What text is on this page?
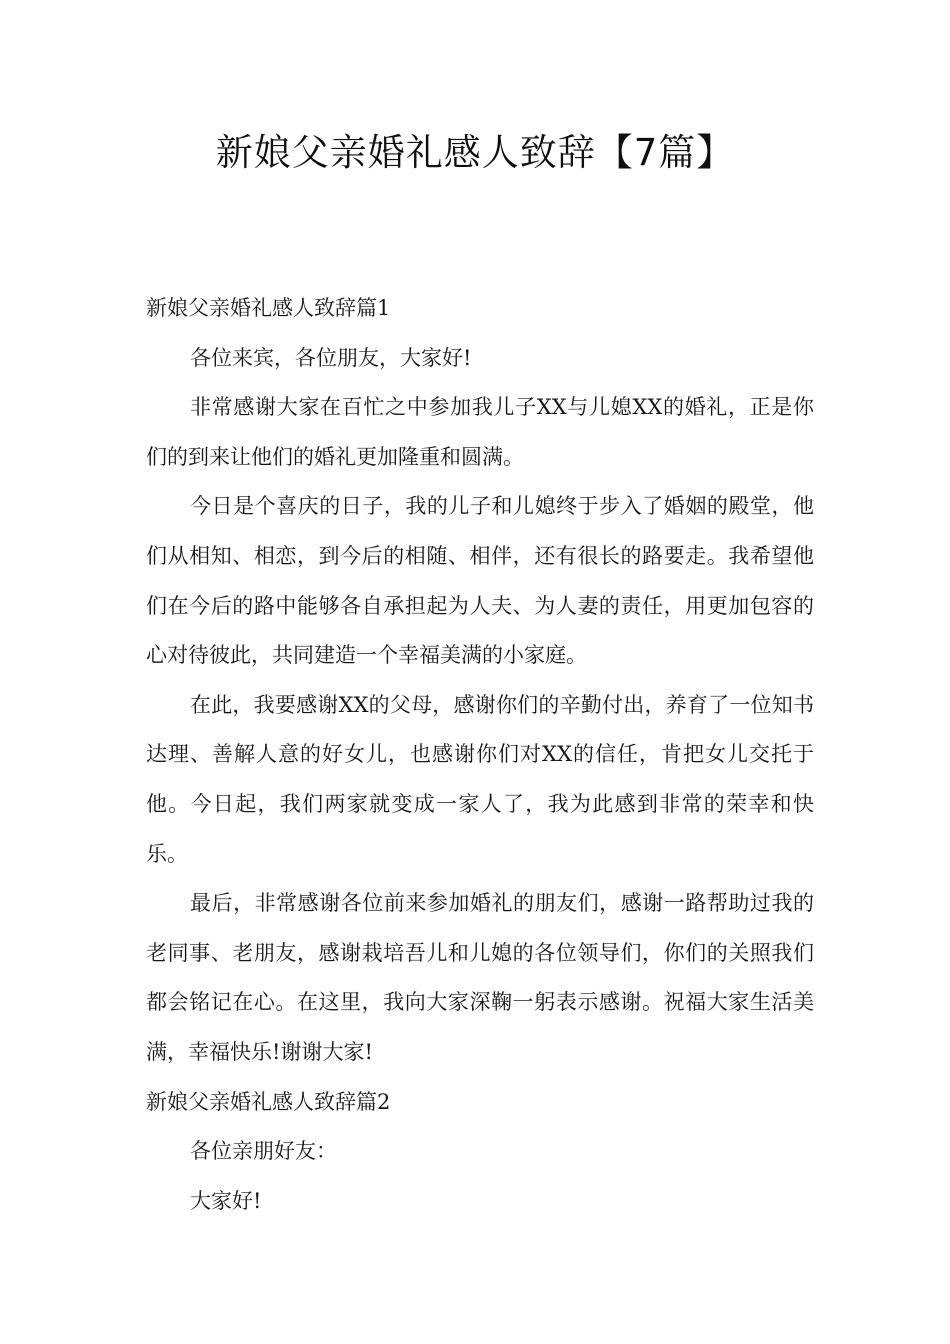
新娘父亲婚礼感人致辞【7篇】
新娘父亲婚礼感人致辞篇1

各位来宾，各位朋友，大家好!

非常感谢大家在百忙之中参加我儿子XX与儿媳XX的婚礼，正是你们的到来让他们的婚礼更加隆重和圆满。

今日是个喜庆的日子，我的儿子和儿媳终于步入了婚姻的殿堂，他们从相知、相恋，到今后的相随、相伴，还有很长的路要走。我希望他们在今后的路中能够各自承担起为人夫、为人妻的责任，用更加包容的心对待彼此，共同建造一个幸福美满的小家庭。

在此，我要感谢XX的父母，感谢你们的辛勤付出，养育了一位知书达理、善解人意的好女儿，也感谢你们对XX的信任，肯把女儿交托于他。今日起，我们两家就变成一家人了，我为此感到非常的荣幸和快乐。

最后，非常感谢各位前来参加婚礼的朋友们，感谢一路帮助过我的老同事、老朋友，感谢栽培吾儿和儿媳的各位领导们，你们的关照我们都会铭记在心。在这里，我向大家深鞠一躬表示感谢。祝福大家生活美满，幸福快乐!谢谢大家!

新娘父亲婚礼感人致辞篇2

各位亲朋好友：

大家好!
